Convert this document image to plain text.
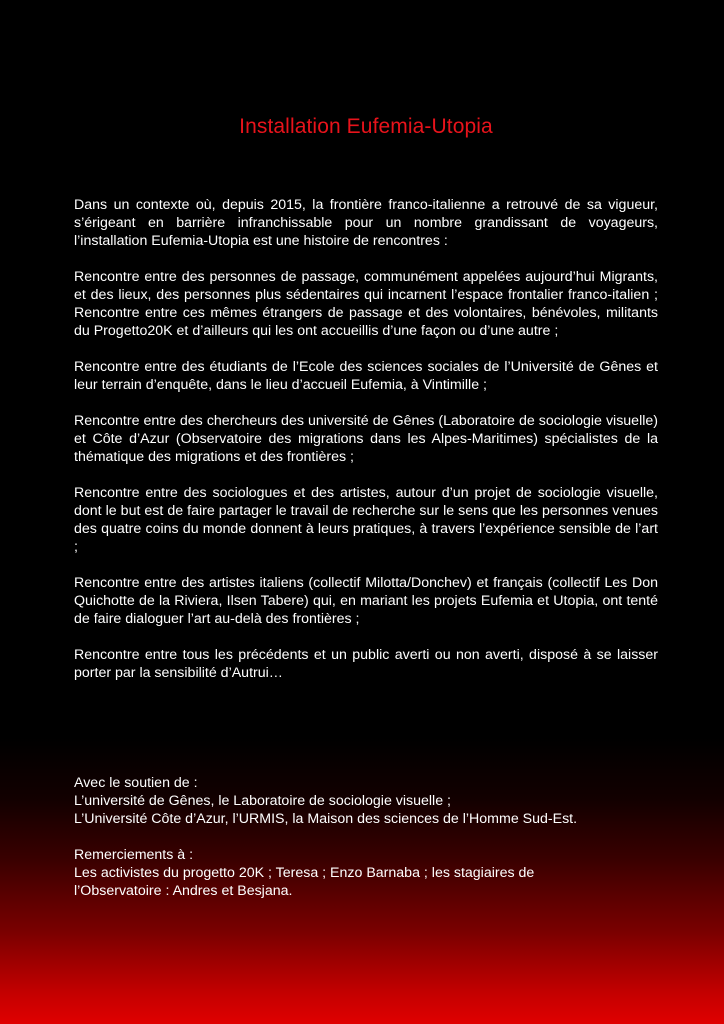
Installation Eufemia-Utopia

Dans un contexte où, depuis 2015, la frontière franco-italienne a retrouvé de sa vigueur, s’érigeant en barrière infranchissable pour un nombre grandissant de voyageurs, l’installation Eufemia-Utopia est une histoire de rencontres :

Rencontre entre des personnes de passage, communément appelées aujourd’hui Migrants, et des lieux, des personnes plus sédentaires qui incarnent l’espace frontalier franco-italien ; Rencontre entre ces mêmes étrangers de passage et des volontaires, bénévoles, militants du Progetto20K et d’ailleurs qui les ont accueillis d’une façon ou d’une autre ;

Rencontre entre des étudiants de l’Ecole des sciences sociales de l’Université de Gênes et leur terrain d’enquête, dans le lieu d’accueil Eufemia, à Vintimille ;

Rencontre entre des chercheurs des université de Gênes (Laboratoire de sociologie visuelle) et Côte d’Azur (Observatoire des migrations dans les Alpes-Maritimes) spécialistes de la thématique des migrations et des frontières ;

Rencontre entre des sociologues et des artistes, autour d’un projet de sociologie visuelle, dont le but est de faire partager le travail de recherche sur le sens que les personnes venues des quatre coins du monde donnent à leurs pratiques, à travers l’expérience sensible de l’art ;

Rencontre entre des artistes italiens (collectif Milotta/Donchev) et français (collectif Les Don Quichotte de la Riviera, Ilsen Tabere) qui, en mariant les projets Eufemia et Utopia, ont tenté de faire dialoguer l’art au-delà des frontières ;

Rencontre entre tous les précédents et un public averti ou non averti, disposé à se laisser porter par la sensibilité d’Autrui…

Avec le soutien de :

L’université de Gênes, le Laboratoire de sociologie visuelle ;

L’Université Côte d’Azur, l’URMIS, la Maison des sciences de l’Homme Sud-Est.

Remerciements à :

Les activistes du progetto 20K ; Teresa ; Enzo Barnaba ; les stagiaires de

l’Observatoire : Andres et Besjana.
